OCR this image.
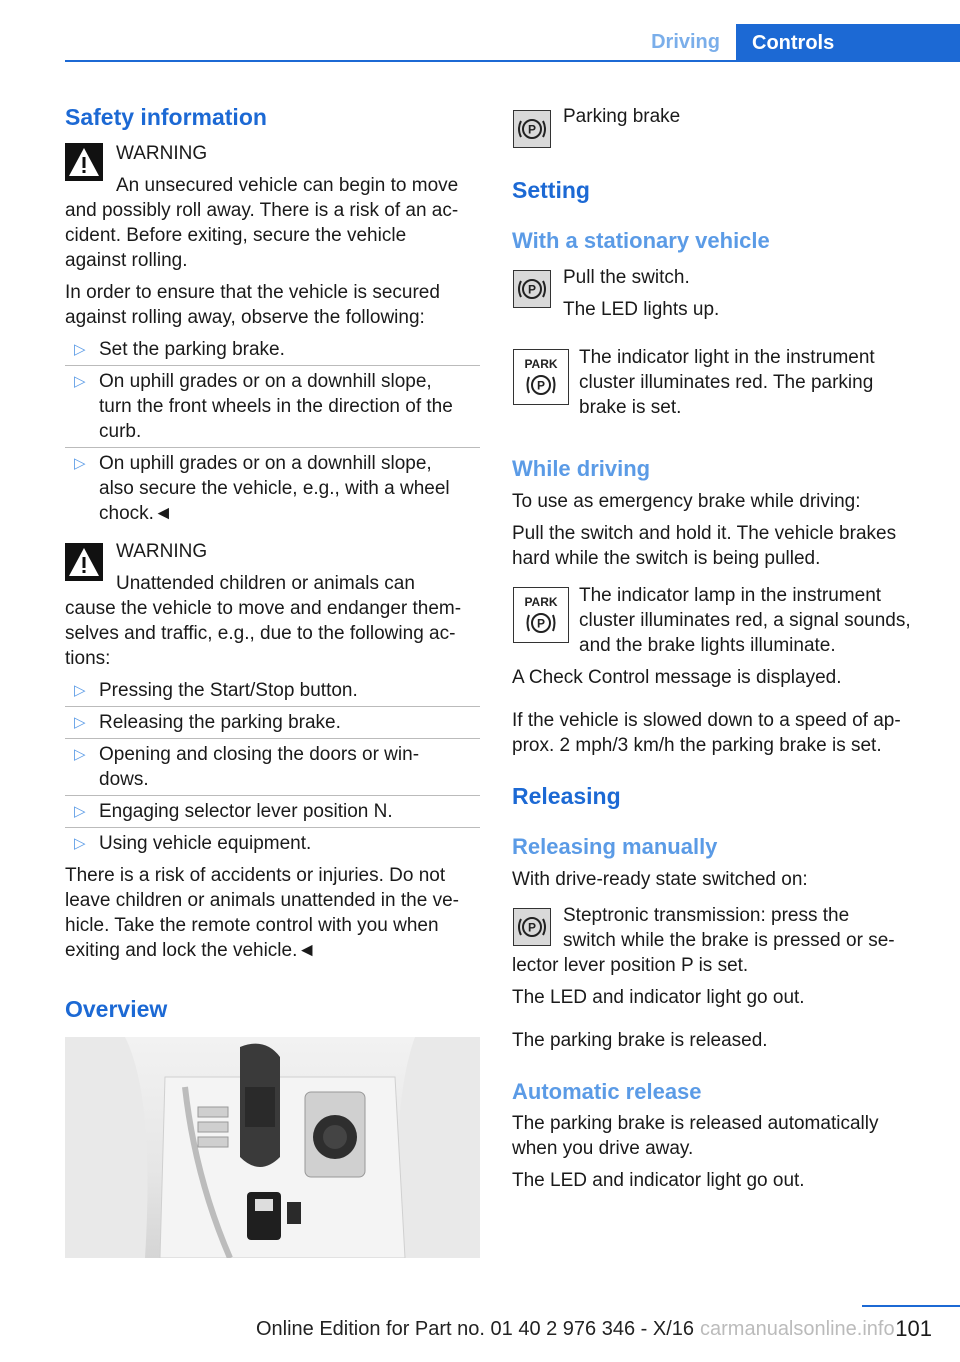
Driving	Controls
Safety information
WARNING
An unsecured vehicle can begin to move
and possibly roll away. There is a risk of an ac‐
cident. Before exiting, secure the vehicle
against rolling.
In order to ensure that the vehicle is secured
against rolling away, observe the following:
▷ Set the parking brake.
▷ On uphill grades or on a downhill slope,
turn the front wheels in the direction of the
curb.
▷ On uphill grades or on a downhill slope,
also secure the vehicle, e.g., with a wheel
chock.◄
WARNING
Unattended children or animals can
cause the vehicle to move and endanger them‐
selves and traffic, e.g., due to the following ac‐
tions:
▷ Pressing the Start/Stop button.
▷ Releasing the parking brake.
▷ Opening and closing the doors or win‐
dows.
▷ Engaging selector lever position N.
▷ Using vehicle equipment.
There is a risk of accidents or injuries. Do not
leave children or animals unattended in the ve‐
hicle. Take the remote control with you when
exiting and lock the vehicle.◄
Overview
P
Parking brake
Setting
With a stationary vehicle
P
Pull the switch.
The LED lights up.
PARK
P
The indicator light in the instrument
cluster illuminates red. The parking
brake is set.
While driving
To use as emergency brake while driving:
Pull the switch and hold it. The vehicle brakes
hard while the switch is being pulled.
PARK
P
The indicator lamp in the instrument
cluster illuminates red, a signal sounds,
and the brake lights illuminate.
A Check Control message is displayed.
If the vehicle is slowed down to a speed of ap‐
prox. 2 mph/3 km/h the parking brake is set.
Releasing
Releasing manually
With drive-ready state switched on:
P
Steptronic transmission: press the
switch while the brake is pressed or se‐
lector lever position P is set.
The LED and indicator light go out.
The parking brake is released.
Automatic release
The parking brake is released automatically
when you drive away.
The LED and indicator light go out.
101
Online Edition for Part no. 01 40 2 976 346 - X/16 carmanualsonline.info
